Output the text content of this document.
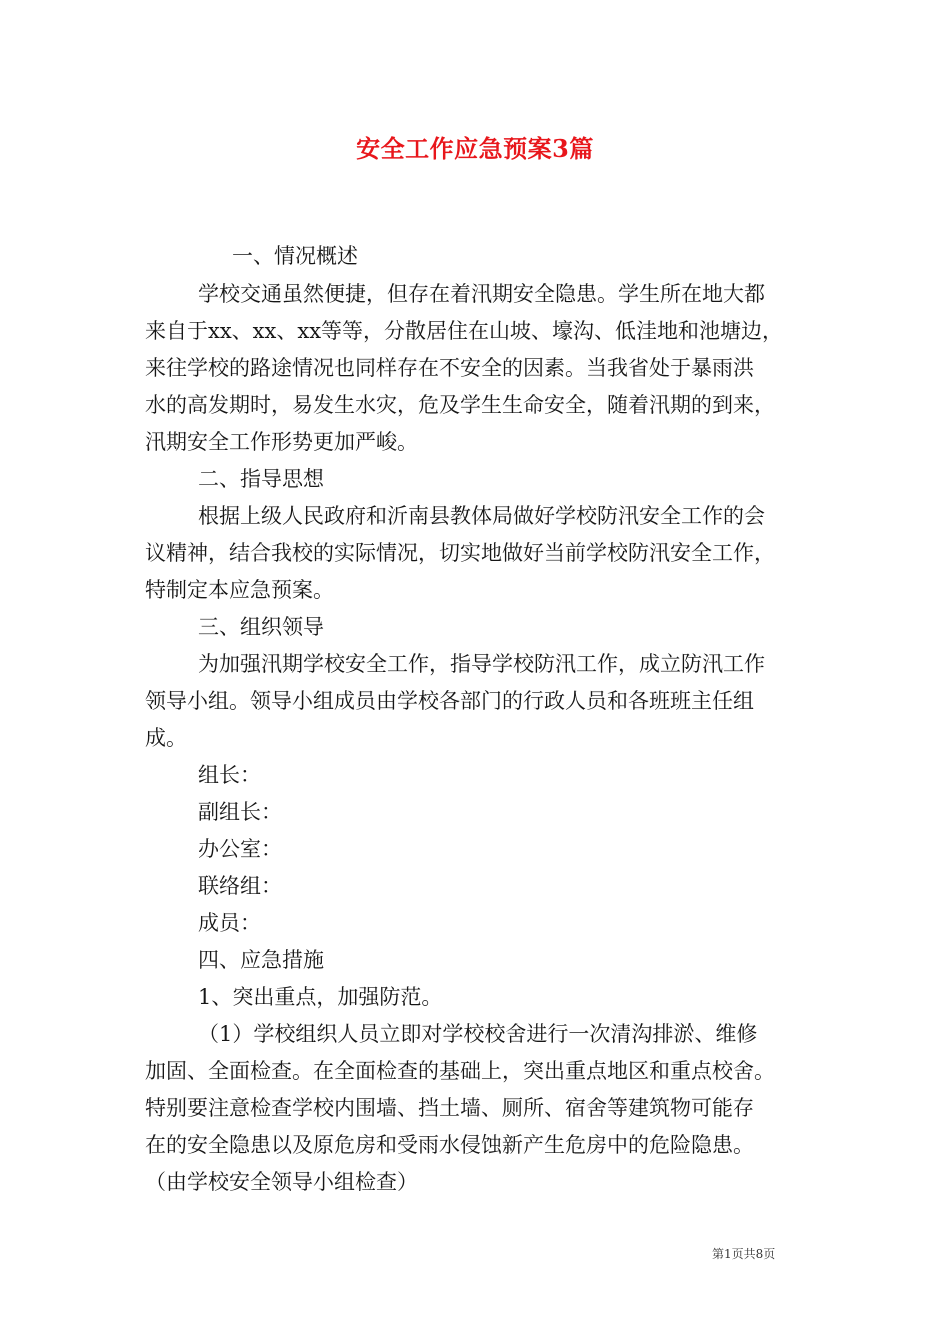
安全工作应急预案3篇
一、情况概述
学校交通虽然便捷，但存在着汛期安全隐患。学生所在地大都
来自于xx、xx、xx等等，分散居住在山坡、壕沟、低洼地和池塘边，
来往学校的路途情况也同样存在不安全的因素。当我省处于暴雨洪
水的高发期时，易发生水灾，危及学生生命安全，随着汛期的到来，
汛期安全工作形势更加严峻。
二、指导思想
根据上级人民政府和沂南县教体局做好学校防汛安全工作的会
议精神，结合我校的实际情况，切实地做好当前学校防汛安全工作，
特制定本应急预案。
三、组织领导
为加强汛期学校安全工作，指导学校防汛工作，成立防汛工作
领导小组。领导小组成员由学校各部门的行政人员和各班班主任组
成。
组长：
副组长：
办公室：
联络组：
成员：
四、应急措施
1、突出重点，加强防范。
（1）学校组织人员立即对学校校舍进行一次清沟排淤、维修
加固、全面检查。在全面检查的基础上，突出重点地区和重点校舍。
特别要注意检查学校内围墙、挡土墙、厕所、宿舍等建筑物可能存
在的安全隐患以及原危房和受雨水侵蚀新产生危房中的危险隐患。
（由学校安全领导小组检查）
第1页共8页
